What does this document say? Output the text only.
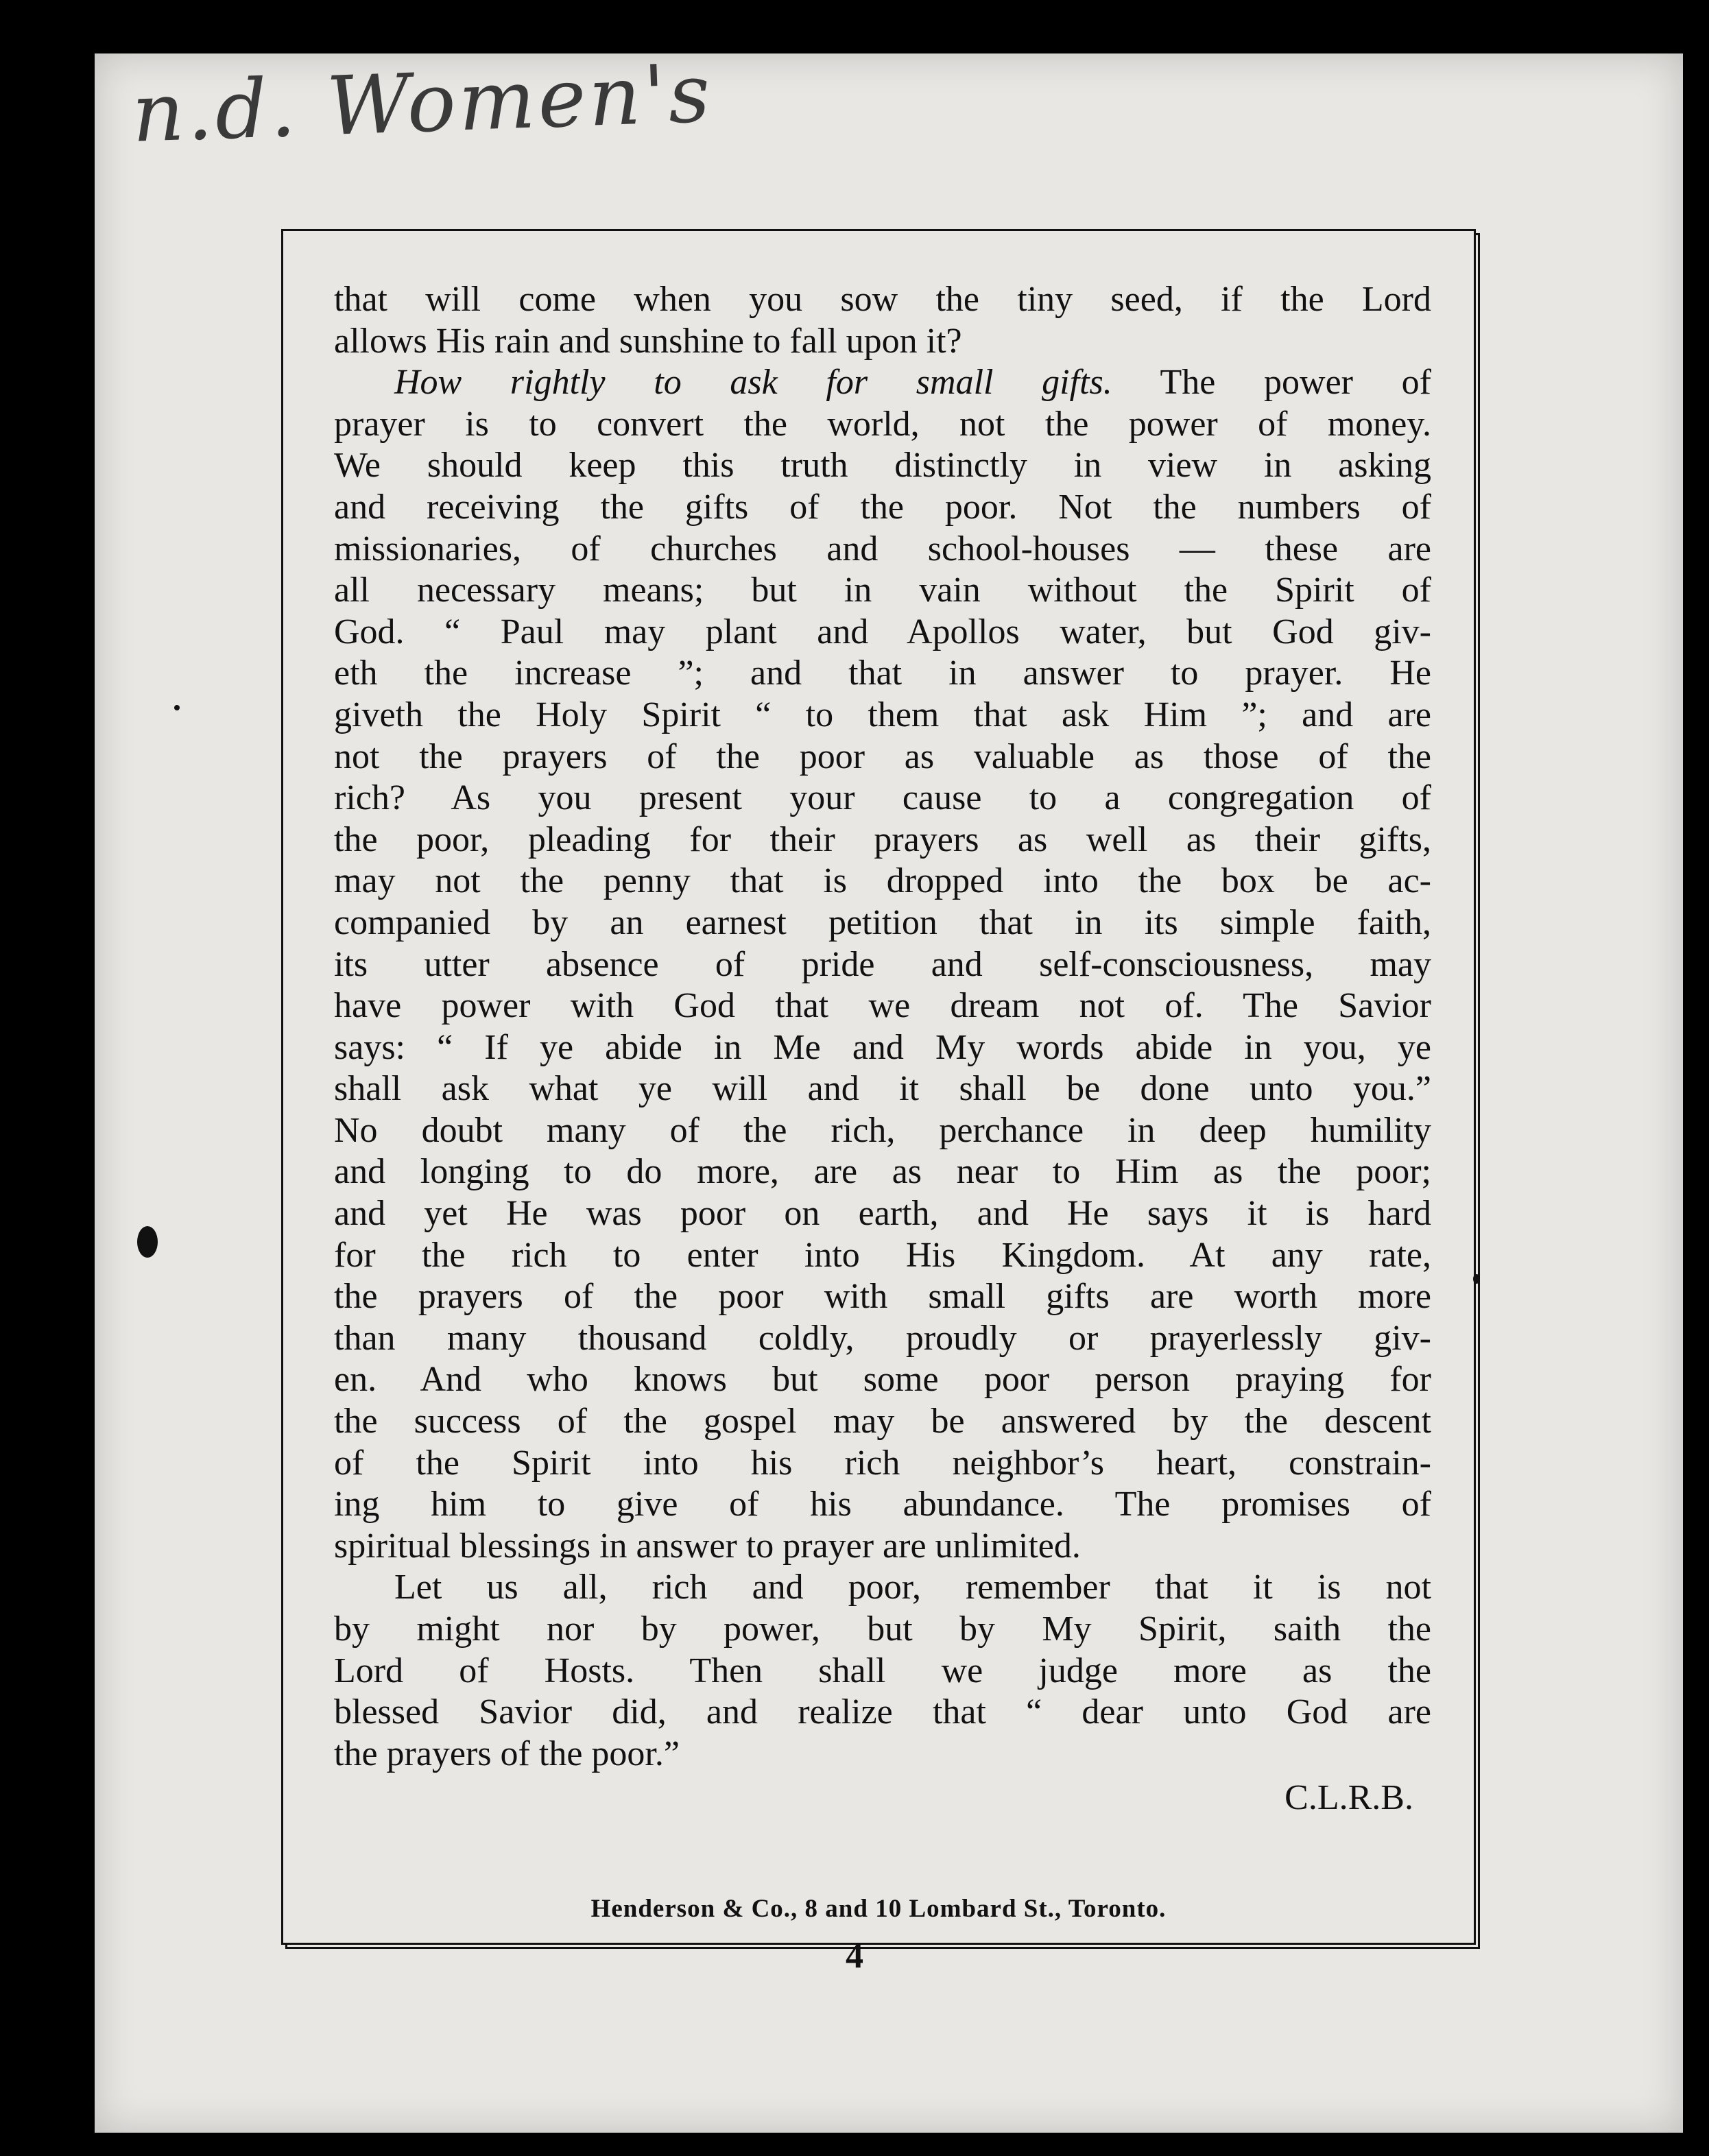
n.d. Women's
that will come when you sow the tiny seed, if the Lord
allows His rain and sunshine to fall upon it?
How rightly to ask for small gifts. The power of
prayer is to convert the world, not the power of money.
We should keep this truth distinctly in view in asking
and receiving the gifts of the poor. Not the numbers of
missionaries, of churches and school-houses — these are
all necessary means; but in vain without the Spirit of
God. “ Paul may plant and Apollos water, but God giv-
eth the increase ”; and that in answer to prayer. He
giveth the Holy Spirit “ to them that ask Him ”; and are
not the prayers of the poor as valuable as those of the
rich? As you present your cause to a congregation of
the poor, pleading for their prayers as well as their gifts,
may not the penny that is dropped into the box be ac-
companied by an earnest petition that in its simple faith,
its utter absence of pride and self-consciousness, may
have power with God that we dream not of. The Savior
says: “ If ye abide in Me and My words abide in you, ye
shall ask what ye will and it shall be done unto you.”
No doubt many of the rich, perchance in deep humility
and longing to do more, are as near to Him as the poor;
and yet He was poor on earth, and He says it is hard
for the rich to enter into His Kingdom. At any rate,
the prayers of the poor with small gifts are worth more
than many thousand coldly, proudly or prayerlessly giv-
en. And who knows but some poor person praying for
the success of the gospel may be answered by the descent
of the Spirit into his rich neighbor’s heart, constrain-
ing him to give of his abundance. The promises of
spiritual blessings in answer to prayer are unlimited.
Let us all, rich and poor, remember that it is not
by might nor by power, but by My Spirit, saith the
Lord of Hosts. Then shall we judge more as the
blessed Savior did, and realize that “ dear unto God are
the prayers of the poor.”
C.L.R.B.
Henderson & Co., 8 and 10 Lombard St., Toronto.
4
